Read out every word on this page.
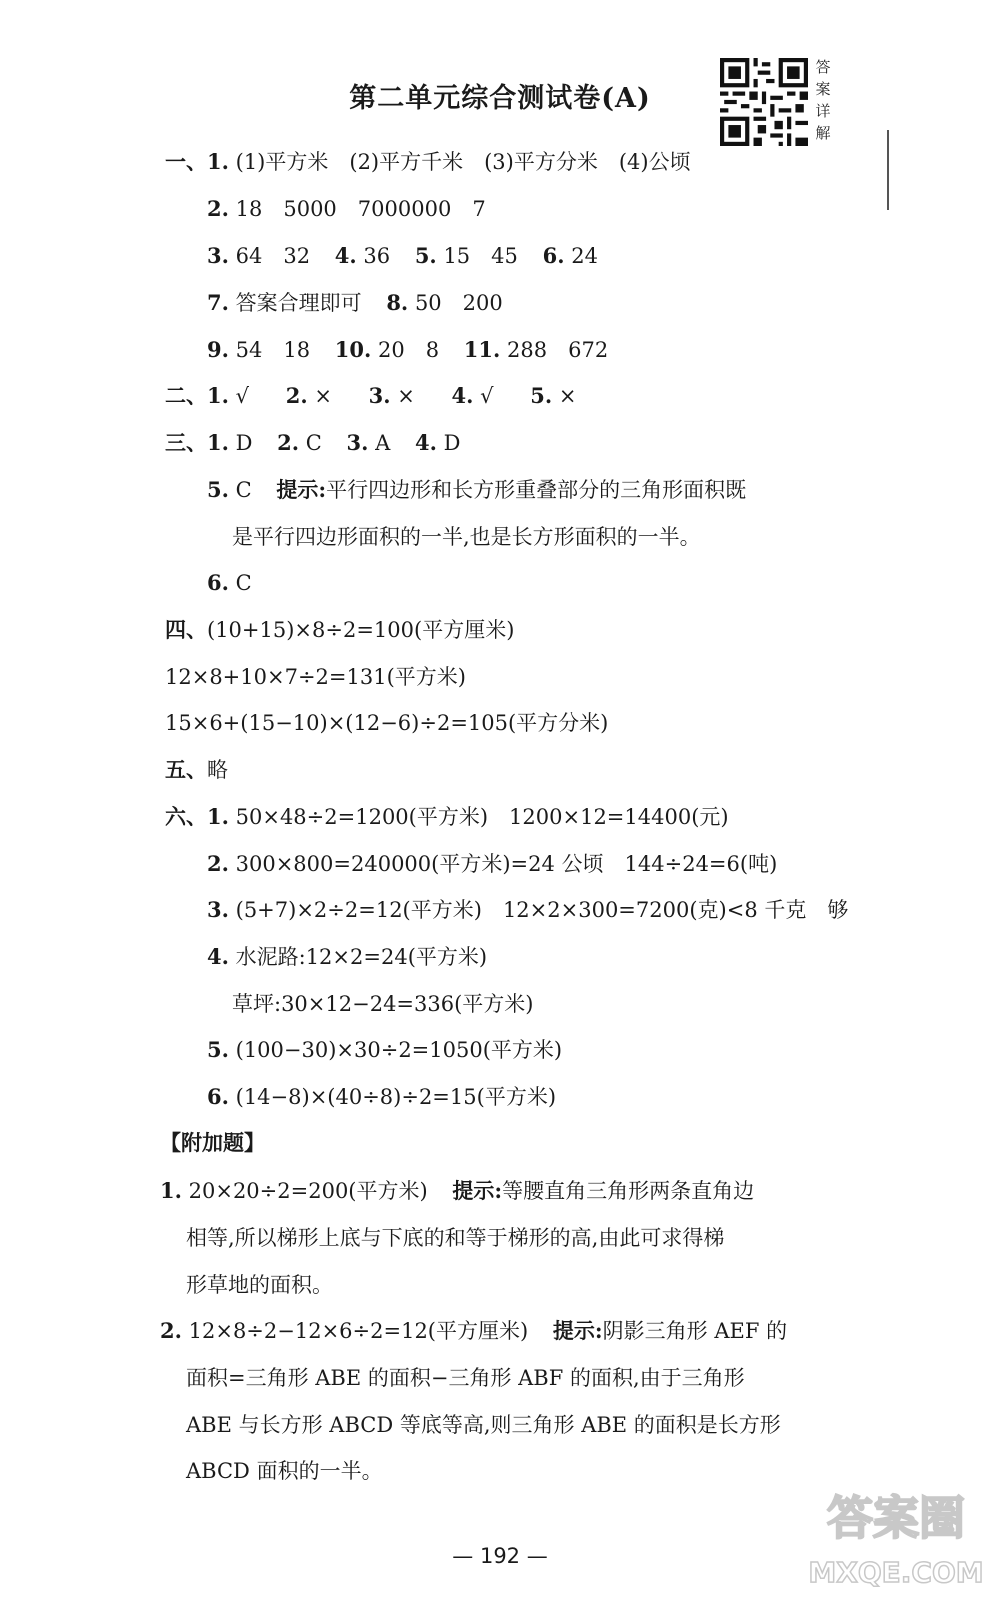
第二单元综合测试卷(A)
答
案
详
解
一、1. (1)平方米　(2)平方千米　(3)平方分米　(4)公顷
2. 18　5000　7000000　7
3. 64　32 4. 36 5. 15　45 6. 24
7. 答案合理即可 8. 50　200
9. 54　18 10. 20　8 11. 288　672
二、1. √ 2. × 3. × 4. √ 5. ×
三、1. D 2. C 3. A 4. D
5. C 提示:平行四边形和长方形重叠部分的三角形面积既
是平行四边形面积的一半,也是长方形面积的一半。
6. C
四、(10+15)×8÷2=100(平方厘米)
12×8+10×7÷2=131(平方米)
15×6+(15−10)×(12−6)÷2=105(平方分米)
五、略
六、1. 50×48÷2=1200(平方米)　1200×12=14400(元)
2. 300×800=240000(平方米)=24 公顷　144÷24=6(吨)
3. (5+7)×2÷2=12(平方米)　12×2×300=7200(克)<8 千克　够
4. 水泥路:12×2=24(平方米)
草坪:30×12−24=336(平方米)
5. (100−30)×30÷2=1050(平方米)
6. (14−8)×(40÷8)÷2=15(平方米)
【附加题】
1. 20×20÷2=200(平方米) 提示:等腰直角三角形两条直角边
相等,所以梯形上底与下底的和等于梯形的高,由此可求得梯
形草地的面积。
2. 12×8÷2−12×6÷2=12(平方厘米) 提示:阴影三角形 AEF 的
面积=三角形 ABE 的面积−三角形 ABF 的面积,由于三角形
ABE 与长方形 ABCD 等底等高,则三角形 ABE 的面积是长方形
ABCD 面积的一半。
— 192 —
答案圈
MXQE.COM
